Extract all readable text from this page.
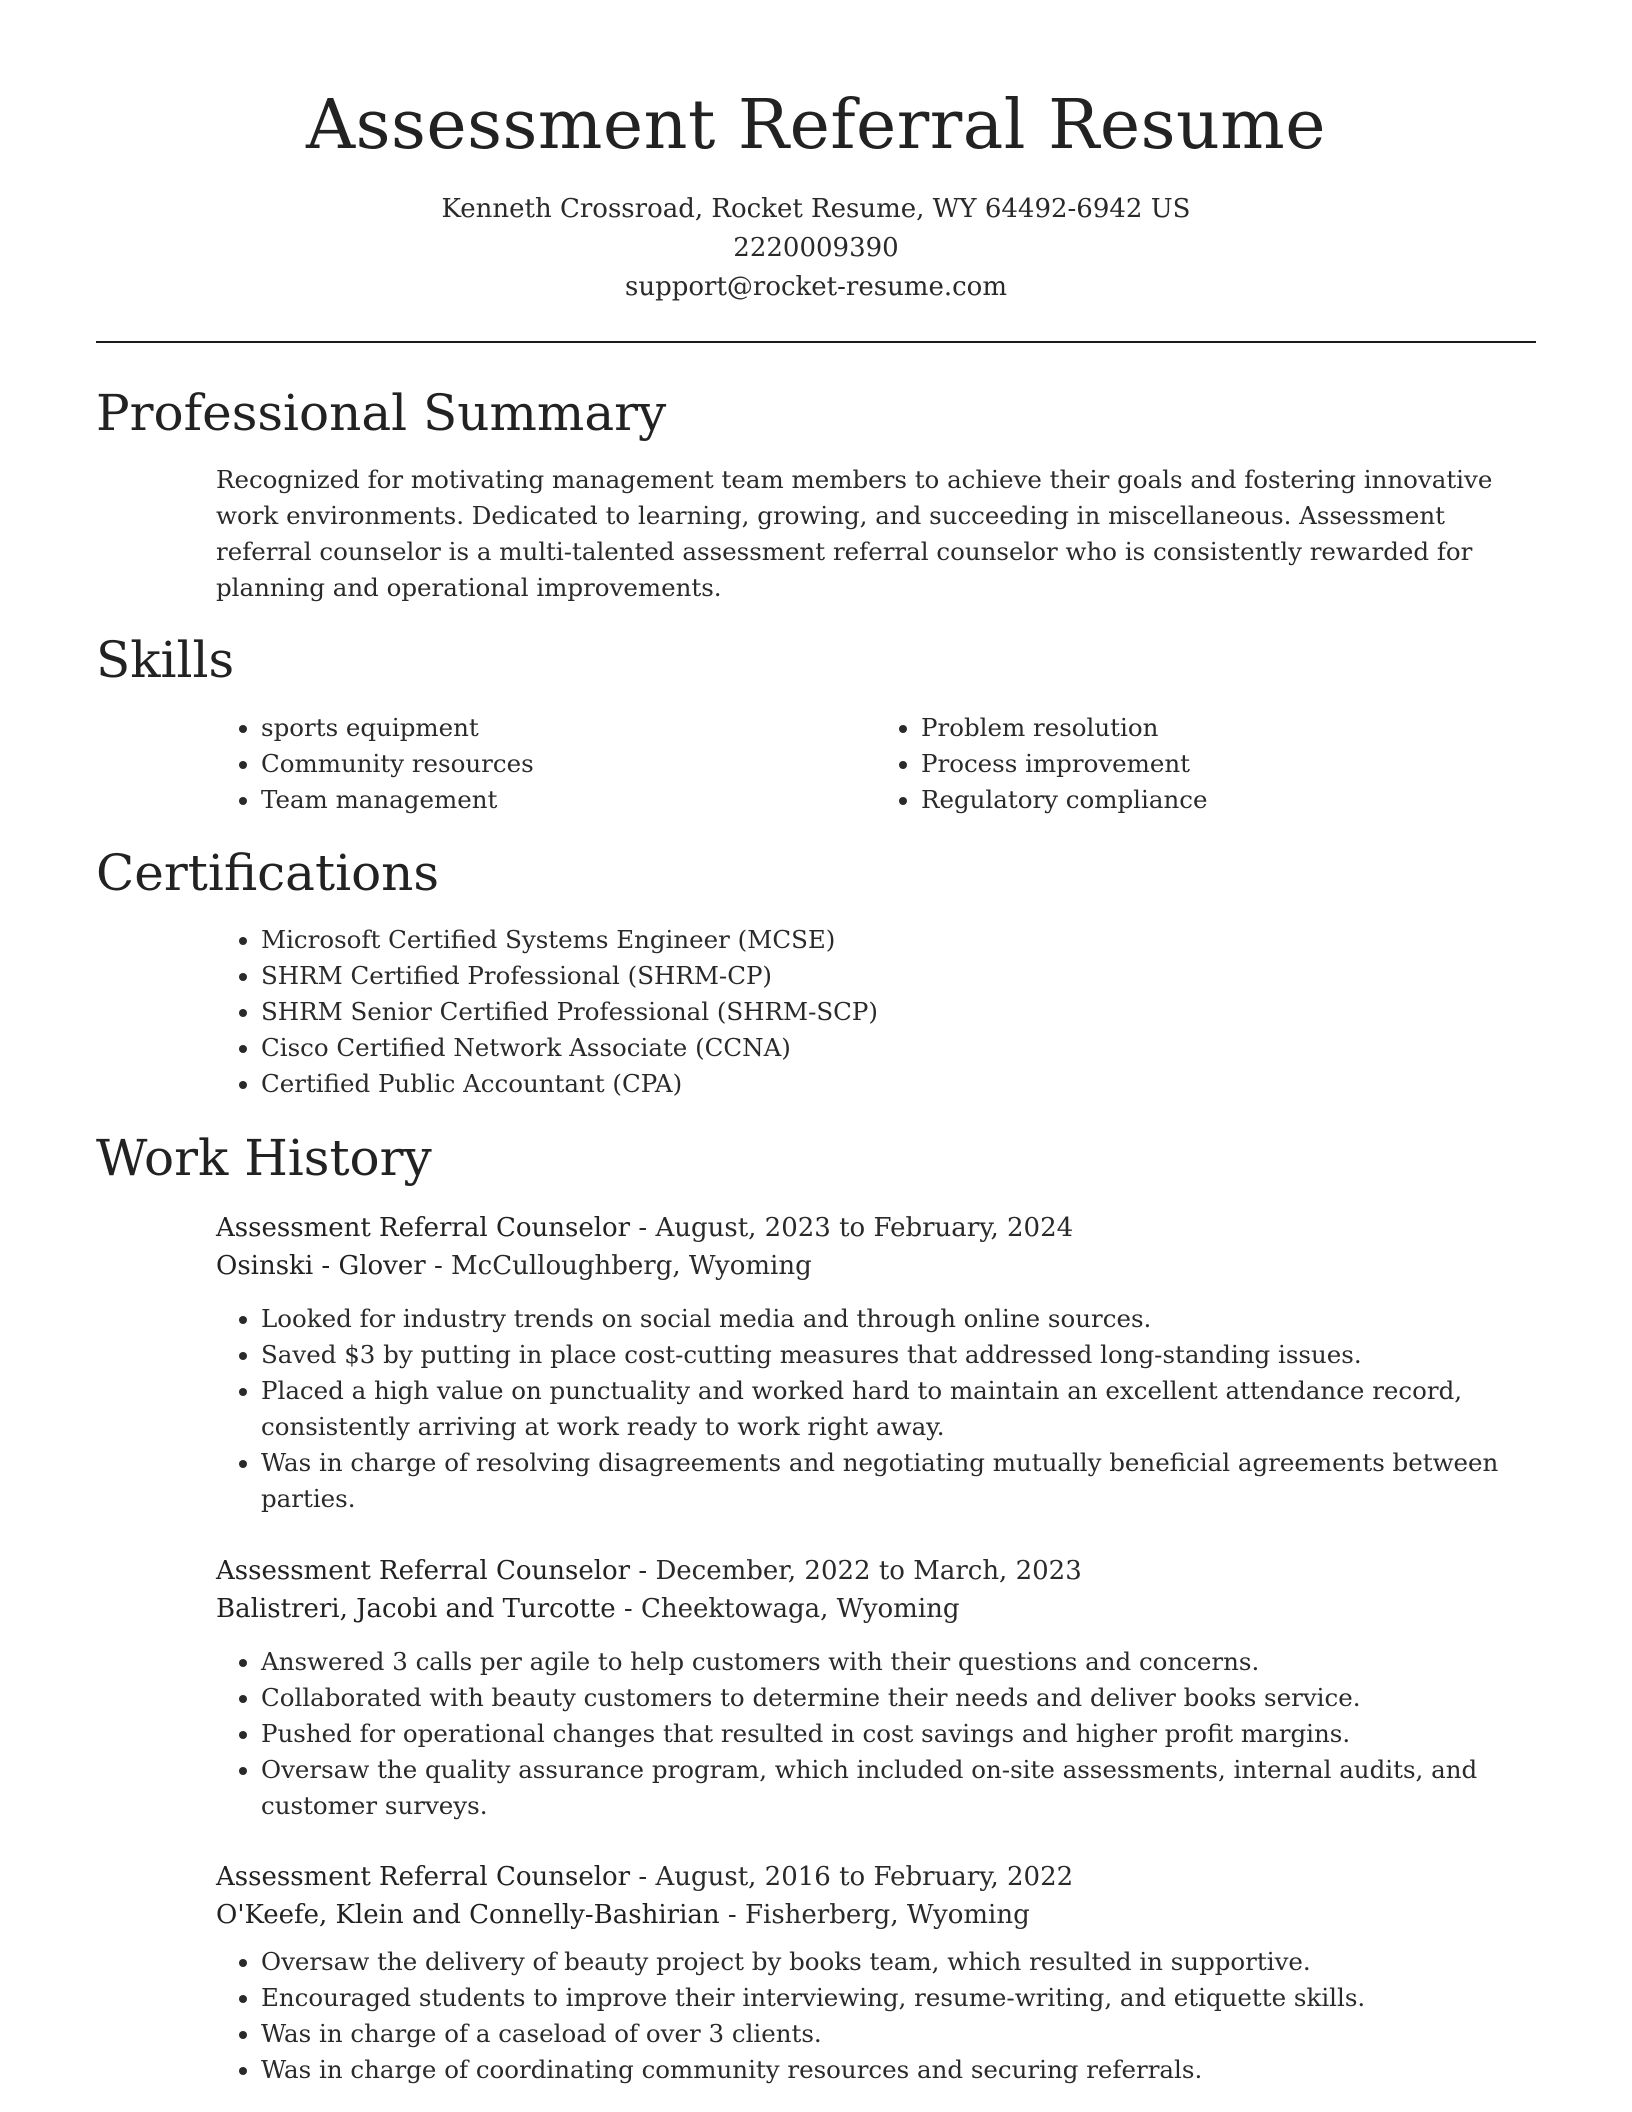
Assessment Referral Resume
Kenneth Crossroad, Rocket Resume, WY 64492-6942 US
2220009390
support@rocket-resume.com
Professional Summary

Recognized for motivating management team members to achieve their goals and fostering innovative work environments. Dedicated to learning, growing, and succeeding in miscellaneous. Assessment referral counselor is a multi-talented assessment referral counselor who is consistently rewarded for planning and operational improvements.

Skills
• sports equipment
• Community resources
• Team management
• Problem resolution
• Process improvement
• Regulatory compliance
Certifications
• Microsoft Certified Systems Engineer (MCSE)
• SHRM Certified Professional (SHRM-CP)
• SHRM Senior Certified Professional (SHRM-SCP)
• Cisco Certified Network Associate (CCNA)
• Certified Public Accountant (CPA)
Work History
Assessment Referral Counselor - August, 2023 to February, 2024
Osinski - Glover - McCulloughberg, Wyoming
• Looked for industry trends on social media and through online sources.
• Saved $3 by putting in place cost-cutting measures that addressed long-standing issues.
• Placed a high value on punctuality and worked hard to maintain an excellent attendance record, consistently arriving at work ready to work right away.
• Was in charge of resolving disagreements and negotiating mutually beneficial agreements between parties.
Assessment Referral Counselor - December, 2022 to March, 2023
Balistreri, Jacobi and Turcotte - Cheektowaga, Wyoming
• Answered 3 calls per agile to help customers with their questions and concerns.
• Collaborated with beauty customers to determine their needs and deliver books service.
• Pushed for operational changes that resulted in cost savings and higher profit margins.
• Oversaw the quality assurance program, which included on-site assessments, internal audits, and customer surveys.
Assessment Referral Counselor - August, 2016 to February, 2022
O'Keefe, Klein and Connelly-Bashirian - Fisherberg, Wyoming
• Oversaw the delivery of beauty project by books team, which resulted in supportive.
• Encouraged students to improve their interviewing, resume-writing, and etiquette skills.
• Was in charge of a caseload of over 3 clients.
• Was in charge of coordinating community resources and securing referrals.
